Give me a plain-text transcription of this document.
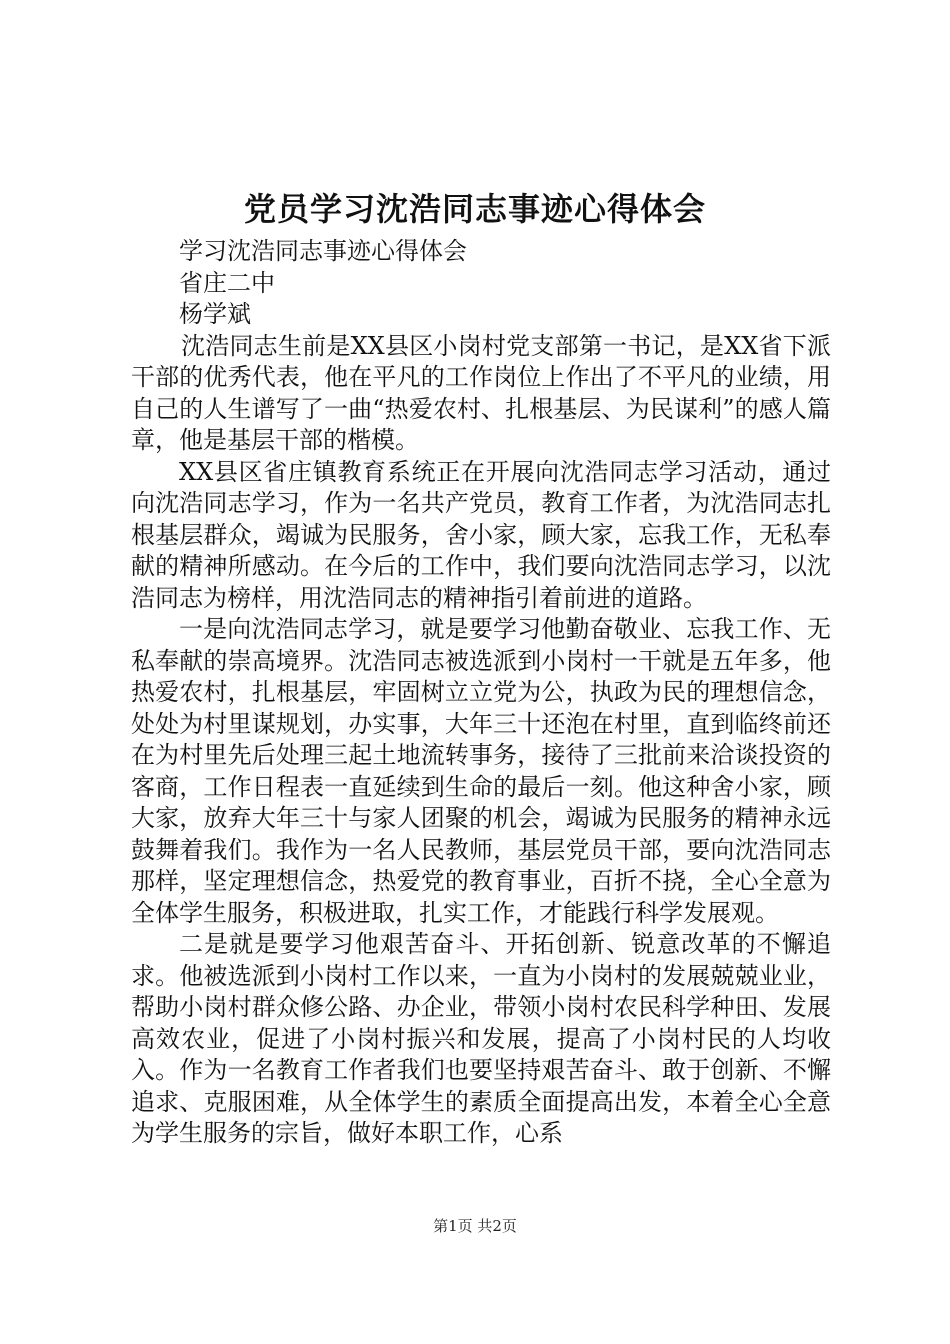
党员学习沈浩同志事迹心得体会

学习沈浩同志事迹心得体会

省庄二中

杨学斌

沈浩同志生前是XX县区小岗村党支部第一书记，是XX省下派干部的优秀代表，他在平凡的工作岗位上作出了不平凡的业绩，用自己的人生谱写了一曲“热爱农村、扎根基层、为民谋利”的感人篇章，他是基层干部的楷模。

XX县区省庄镇教育系统正在开展向沈浩同志学习活动，通过向沈浩同志学习，作为一名共产党员，教育工作者，为沈浩同志扎根基层群众，竭诚为民服务，舍小家，顾大家，忘我工作，无私奉献的精神所感动。在今后的工作中，我们要向沈浩同志学习，以沈浩同志为榜样，用沈浩同志的精神指引着前进的道路。

一是向沈浩同志学习，就是要学习他勤奋敬业、忘我工作、无私奉献的崇高境界。沈浩同志被选派到小岗村一干就是五年多，他热爱农村，扎根基层，牢固树立立党为公，执政为民的理想信念，处处为村里谋规划，办实事，大年三十还泡在村里，直到临终前还在为村里先后处理三起土地流转事务，接待了三批前来洽谈投资的客商，工作日程表一直延续到生命的最后一刻。他这种舍小家，顾大家，放弃大年三十与家人团聚的机会，竭诚为民服务的精神永远鼓舞着我们。我作为一名人民教师，基层党员干部，要向沈浩同志那样，坚定理想信念，热爱党的教育事业，百折不挠，全心全意为全体学生服务，积极进取，扎实工作，才能践行科学发展观。

二是就是要学习他艰苦奋斗、开拓创新、锐意改革的不懈追求。他被选派到小岗村工作以来，一直为小岗村的发展兢兢业业，帮助小岗村群众修公路、办企业，带领小岗村农民科学种田、发展高效农业，促进了小岗村振兴和发展，提高了小岗村民的人均收入。作为一名教育工作者我们也要坚持艰苦奋斗、敢于创新、不懈追求、克服困难，从全体学生的素质全面提高出发，本着全心全意为学生服务的宗旨，做好本职工作，心系

第1页 共2页
